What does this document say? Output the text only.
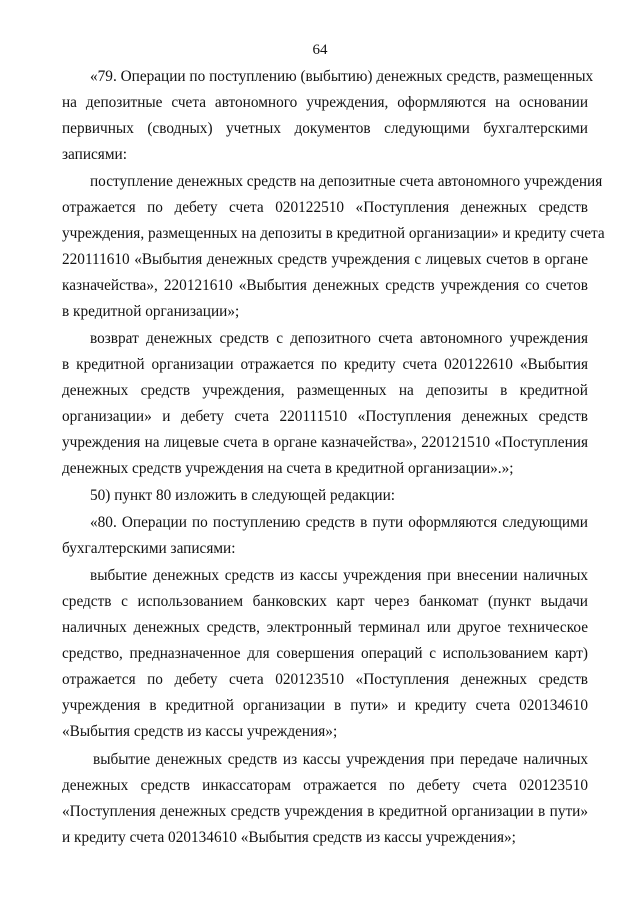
64
«79. Операции по поступлению (выбытию) денежных средств, размещенных
на депозитные счета автономного учреждения, оформляются на основании
первичных (сводных) учетных документов следующими бухгалтерскими
записями:
поступление денежных средств на депозитные счета автономного учреждения
отражается по дебету счета 020122510 «Поступления денежных средств
учреждения, размещенных на депозиты в кредитной организации» и кредиту счета
220111610 «Выбытия денежных средств учреждения с лицевых счетов в органе
казначейства», 220121610 «Выбытия денежных средств учреждения со счетов
в кредитной организации»;
возврат денежных средств с депозитного счета автономного учреждения
в кредитной организации отражается по кредиту счета 020122610 «Выбытия
денежных средств учреждения, размещенных на депозиты в кредитной
организации» и дебету счета 220111510 «Поступления денежных средств
учреждения на лицевые счета в органе казначейства», 220121510 «Поступления
денежных средств учреждения на счета в кредитной организации».»;
50) пункт 80 изложить в следующей редакции:
«80. Операции по поступлению средств в пути оформляются следующими
бухгалтерскими записями:
выбытие денежных средств из кассы учреждения при внесении наличных
средств с использованием банковских карт через банкомат (пункт выдачи
наличных денежных средств, электронный терминал или другое техническое
средство, предназначенное для совершения операций с использованием карт)
отражается по дебету счета 020123510 «Поступления денежных средств
учреждения в кредитной организации в пути» и кредиту счета 020134610
«Выбытия средств из кассы учреждения»;
выбытие денежных средств из кассы учреждения при передаче наличных
денежных средств инкассаторам отражается по дебету счета 020123510
«Поступления денежных средств учреждения в кредитной организации в пути»
и кредиту счета 020134610 «Выбытия средств из кассы учреждения»;
